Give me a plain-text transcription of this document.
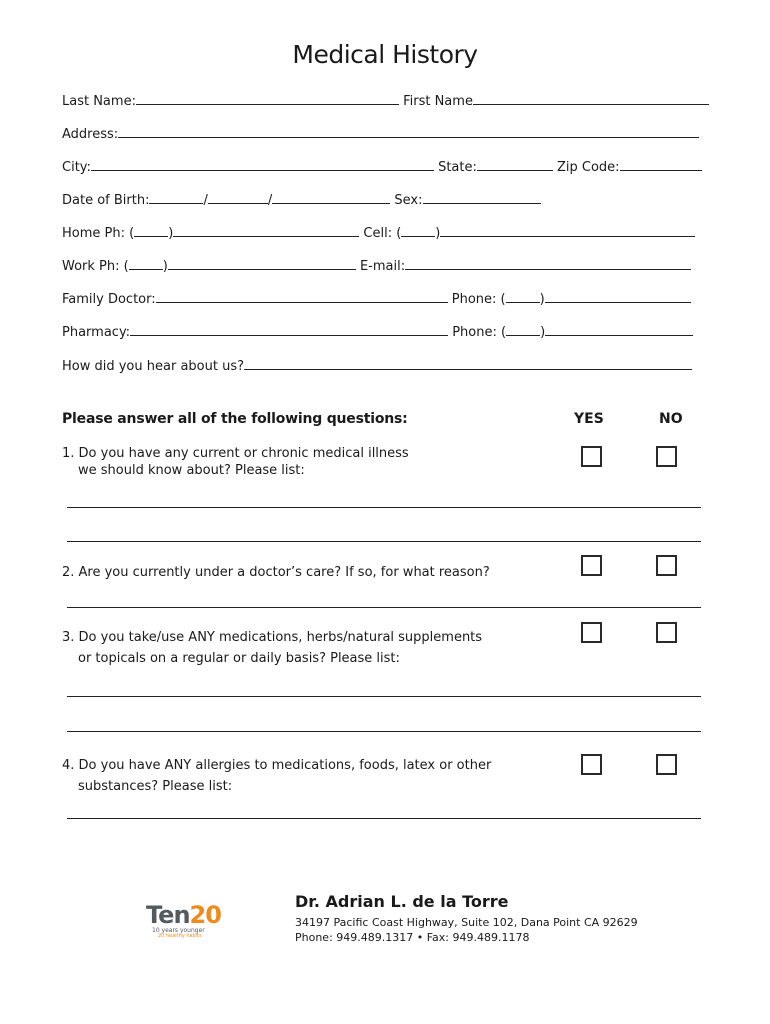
Medical History
Last Name:	First Name
Address:
City:	State:	Zip Code:
Date of Birth:	/	/	Sex:
Home Ph: (	)	Cell: (	)
Work Ph: (	)	E-mail:
Family Doctor:	Phone: (	)
Pharmacy:	Phone: (	)
How did you hear about us?
Please answer all of the following questions:	YES	NO
1. Do you have any current or chronic medical illness
we should know about? Please list:
2. Are you currently under a doctor’s care? If so, for what reason?
3. Do you take/use ANY medications, herbs/natural supplements
or topicals on a regular or daily basis? Please list:
4. Do you have ANY allergies to medications, foods, latex or other
substances? Please list:
Ten20
10 years younger
20 healthy habits
Dr. Adrian L. de la Torre
34197 Pacific Coast Highway, Suite 102, Dana Point CA 92629
Phone: 949.489.1317 • Fax: 949.489.1178
